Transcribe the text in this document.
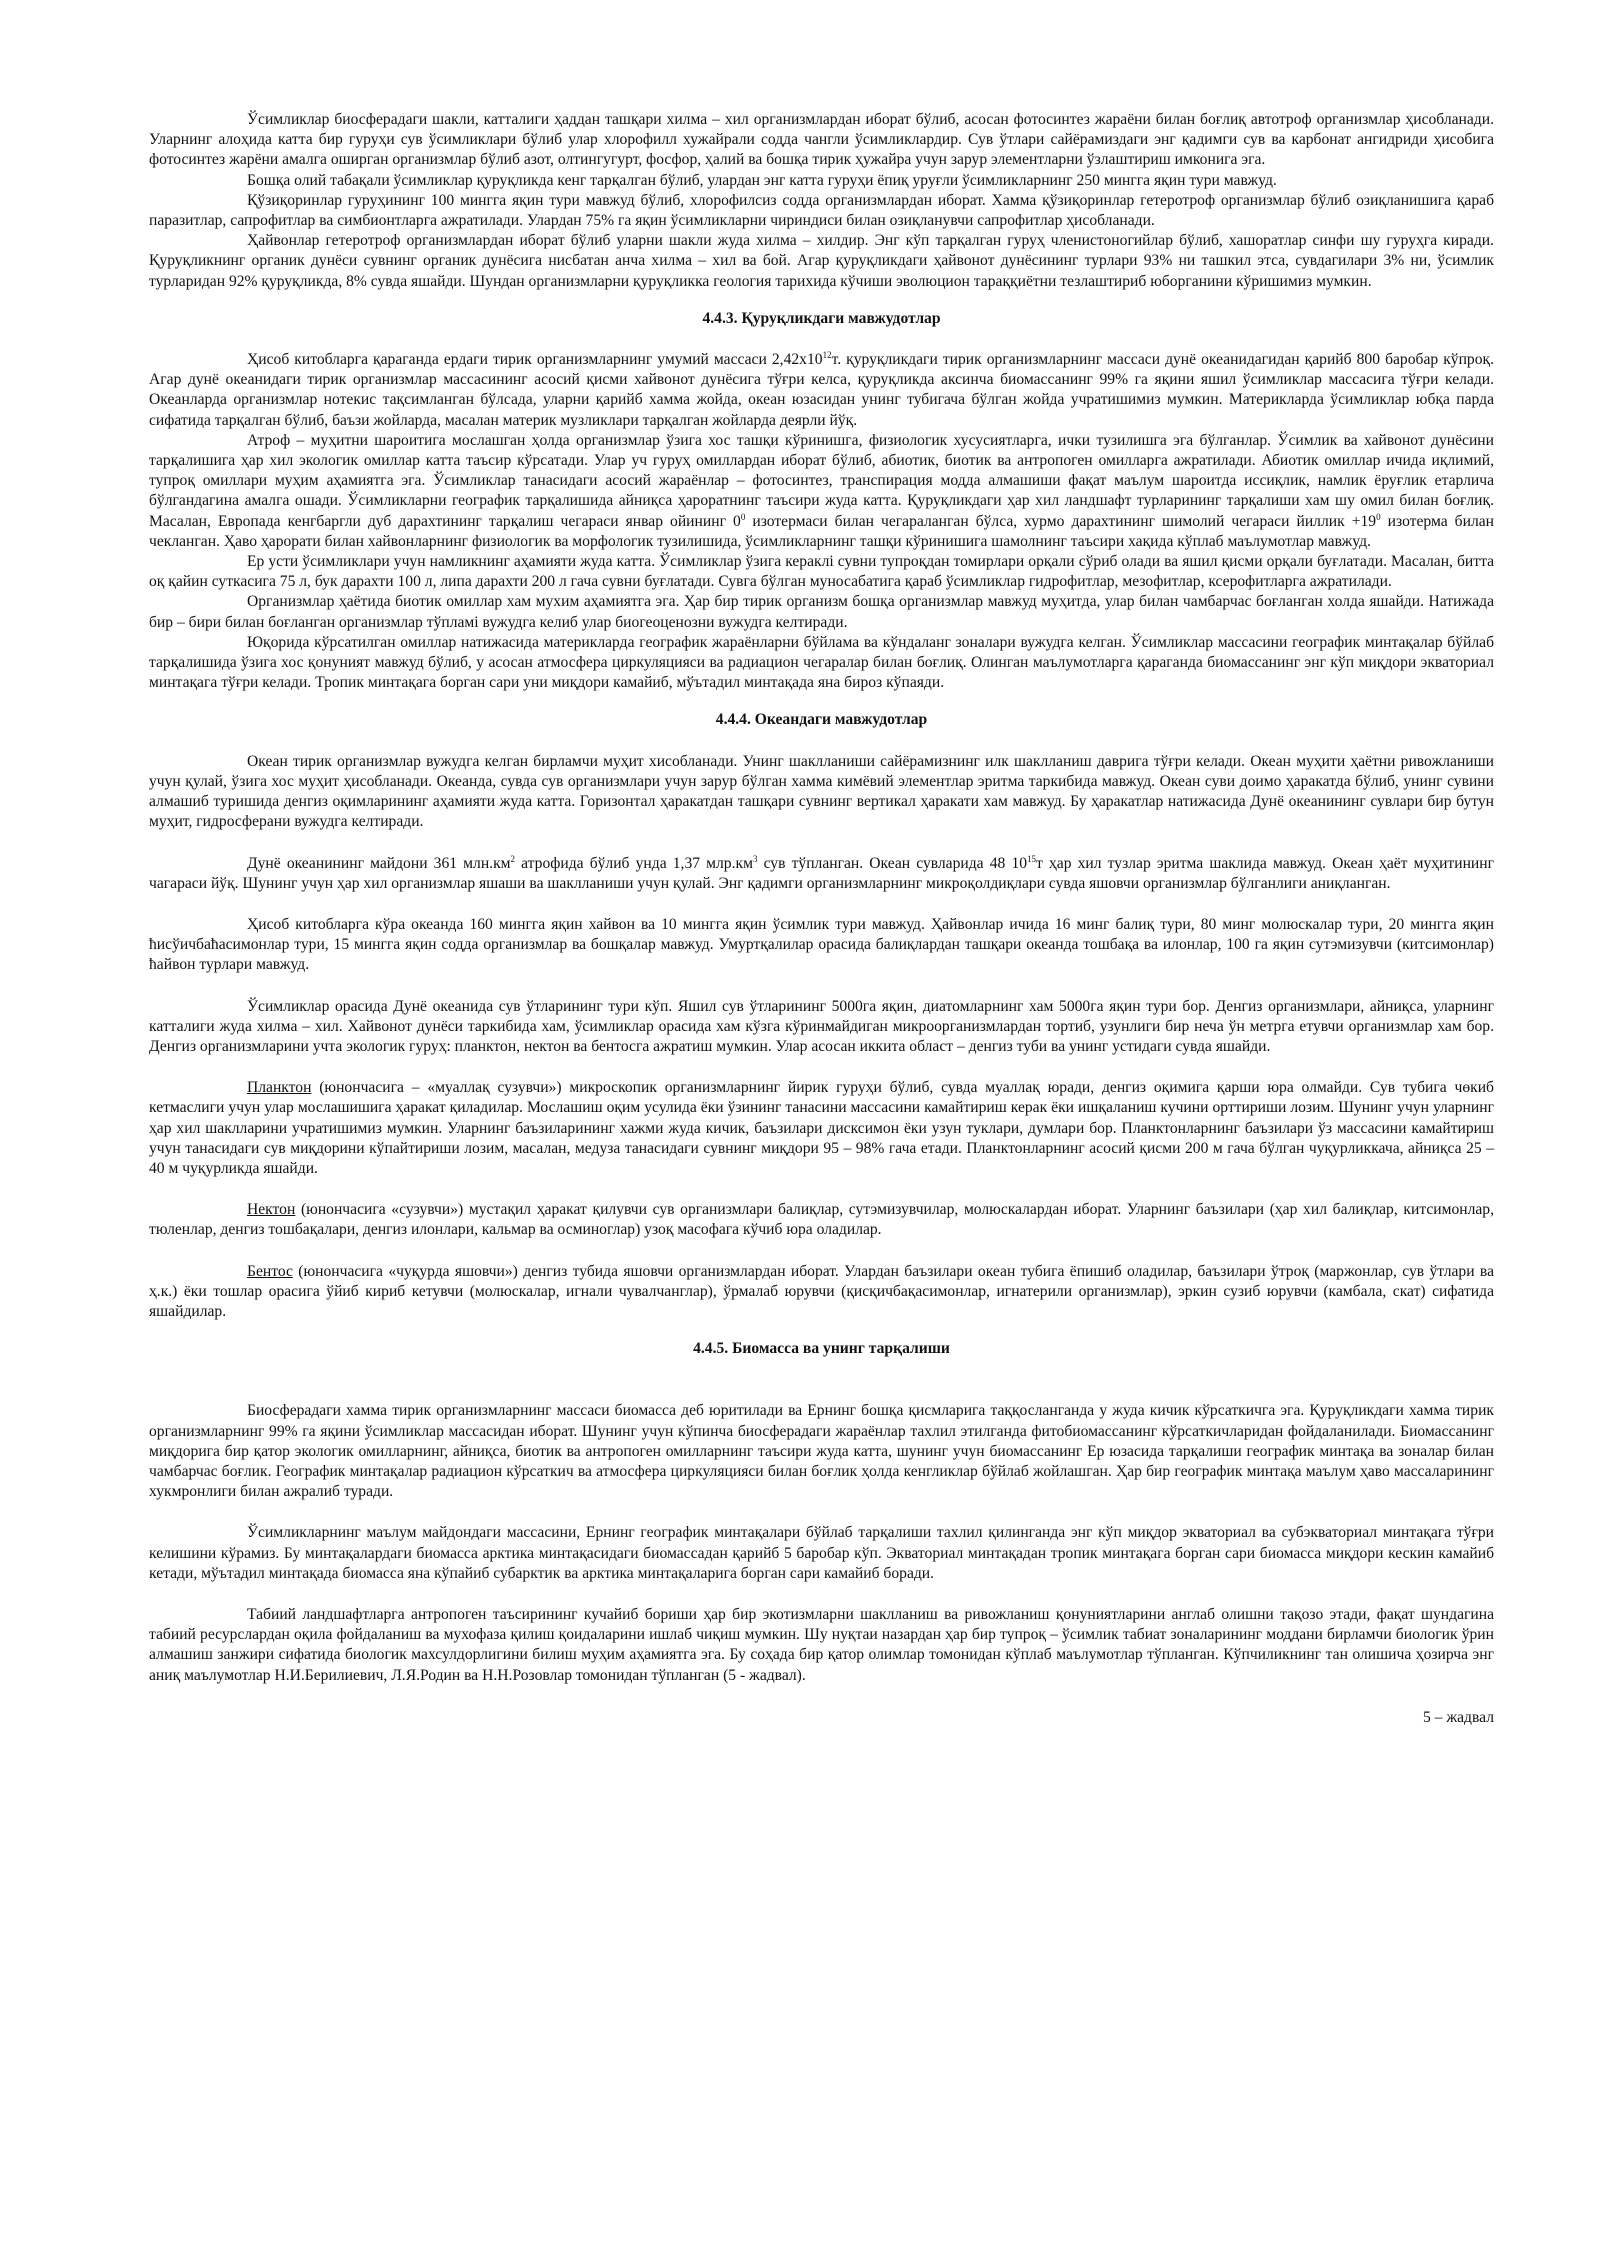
Ўсимликлар биосферадаги шакли, катталиги ҳаддан ташқари хилма – хил организмлардан иборат бўлиб, асосан фотосинтез жараёни билан боғлиқ автотроф организмлар ҳисобланади. Уларнинг алоҳида катта бир гуруҳи сув ўсимликлари бўлиб улар хлорофилл хужайрали содда чангли ўсимликлардир. Сув ўтлари сайёрамиздаги энг қадимги сув ва карбонат ангидриди ҳисобига фотосинтез жарёни амалга оширган организмлар бўлиб азот, олтингугурт, фосфор, ҳалий ва бошқа тирик ҳужайра учун зарур элементларни ўзлаштириш имконига эга.

Бошқа олий табақали ўсимликлар қуруқликда кенг тарқалган бўлиб, улардан энг катта гуруҳи ёпиқ уруғли ўсимликларнинг 250 мингга яқин тури мавжуд.

Қўзиқоринлар гуруҳининг 100 мингга яқин тури мавжуд бўлиб, хлорофилсиз содда организмлардан иборат. Хамма қўзиқоринлар гетеротроф организмлар бўлиб озиқланишига қараб паразитлар, сапрофитлар ва симбионтларга ажратилади. Улардан 75% га яқин ўсимликларни чириндиси билан озиқланувчи сапрофитлар ҳисобланади.

Ҳайвонлар гетеротроф организмлардан иборат бўлиб уларни шакли жуда хилма – хилдир. Энг кўп тарқалган гуруҳ членистоногийлар бўлиб, хашоратлар синфи шу гуруҳга киради. Қуруқликнинг органик дунёси сувнинг органик дунёсига нисбатан анча хилма – хил ва бой. Агар қуруқликдаги ҳайвонот дунёсининг турлари 93% ни ташкил этса, сувдагилари 3% ни, ўсимлик турларидан 92% қуруқликда, 8% сувда яшайди. Шундан организмларни қуруқликка геология тарихида кўчиши эволюцион тараққиётни тезлаштириб юборганини кўришимиз мумкин.

4.4.3. Қуруқликдаги мавжудотлар

Ҳисоб китобларга қараганда ердаги тирик организмларнинг умумий массаси $2,42х10^{12}т$. қуруқликдаги тирик организмларнинг массаси дунё океанидагидан қарийб 800 баробар кўпроқ. Агар дунё океанидаги тирик организмлар массасининг асосий қисми хайвонот дунёсига тўғри келса, қуруқликда аксинча биомассанинг 99% га яқини яшил ўсимликлар массасига тўғри келади. Океанларда организмлар нотекис тақсимланган бўлсада, уларни қарийб хамма жойда, океан юзасидан унинг тубигача бўлган жойда учратишимиз мумкин. Материкларда ўсимликлар юбқа парда сифатида тарқалган бўлиб, баъзи жойларда, масалан материк музликлари тарқалган жойларда деярли йўқ.

Атроф – муҳитни шароитига мослашган ҳолда организмлар ўзига хос ташқи кўринишга, физиологик хусусиятларга, ички тузилишга эга бўлганлар. Ўсимлик ва хайвонот дунёсини тарқалишига ҳар хил экологик омиллар катта таъсир кўрсатади. Улар уч гуруҳ омиллардан иборат бўлиб, абиотик, биотик ва антропоген омилларга ажратилади. Абиотик омиллар ичида иқлимий, тупроқ омиллари муҳим аҳамиятга эга. Ўсимликлар танасидаги асосий жараёнлар – фотосинтез, транспирация модда алмашиши фақат маълум шароитда иссиқлик, намлик ёруғлик етарлича бўлгандагина амалга ошади. Ўсимликларни географик тарқалишида айниқса ҳароратнинг таъсири жуда катта. Қуруқликдаги ҳар хил ландшафт турларининг тарқалиши хам шу омил билан боғлиқ. Масалан, Европада кенгбаргли дуб дарахтининг тарқалиш чегараси январ ойининг $0^0$ изотермаси билан чегараланган бўлса, хурмо дарахтининг шимолий чегараси йиллик $+19^0$ изотерма билан чекланган. Ҳаво ҳарорати билан хайвонларнинг физиологик ва морфологик тузилишида, ўсимликларнинг ташқи кўринишига шамолнинг таъсири хақида кўплаб маълумотлар мавжуд.

Ер усти ўсимликлари учун намликнинг аҳамияти жуда катта. Ўсимликлар ўзига кераклi сувни тупроқдан томирлари орқали сўриб олади ва яшил қисми орқали буғлатади. Масалан, битта оқ қайин суткасига 75 л, бук дарахти 100 л, липа дарахти 200 л гача сувни буғлатади. Сувга бўлган муносабатига қараб ўсимликлар гидрофитлар, мезофитлар, ксерофитларга ажратилади.

Организмлар ҳаётида биотик омиллар хам мухим аҳамиятга эга. Ҳар бир тирик организм бошқа организмлар мавжуд муҳитда, улар билан чамбарчас боғланган холда яшайди. Натижада бир – бири билан боғланган организмлар тўпламi вужудга келиб улар биогеоценозни вужудга келтиради.

Юқорида кўрсатилган омиллар натижасида материкларда географик жараёнларни бўйлама ва кўндаланг зоналари вужудга келган. Ўсимликлар массасини географик минтақалар бўйлаб тарқалишида ўзига хос қонуният мавжуд бўлиб, у асосан атмосфера циркуляцияси ва радиацион чегаралар билан боғлиқ. Олинган маълумотларга қараганда биомассанинг энг кўп миқдори экваториал минтақага тўғри келади. Тропик минтақага борган сари уни миқдори камайиб, мўътадил минтақада яна бироз кўпаяди.

4.4.4. Океандаги мавжудотлар

Океан тирик организмлар вужудга келган бирламчи муҳит хисобланади. Унинг шаклланиши сайёрамизнинг илк шаклланиш даврига тўғри келади. Океан муҳити ҳаётни ривожланиши учун қулай, ўзига хос муҳит ҳисобланади. Океанда, сувда сув организмлари учун зарур бўлган хамма кимёвий элементлар эритма таркибида мавжуд. Океан суви доимо ҳаракатда бўлиб, унинг сувини алмашиб туришида денгиз оқимларининг аҳамияти жуда катта. Горизонтал ҳаракатдан ташқари сувнинг вертикал ҳаракати хам мавжуд. Бу ҳаракатлар натижасида Дунё океанининг сувлари бир бутун муҳит, гидросферани вужудга келтиради.

Дунё океанининг майдони 361 $млн.км^2$ атрофида бўлиб унда 1,37 $млр.км^3$ сув тўпланган. Океан сувларида 48 $10^{15}т$ ҳар хил тузлар эритма шаклида мавжуд. Океан ҳаёт муҳитининг чагараси йўқ. Шунинг учун ҳар хил организмлар яшаши ва шаклланиши учун қулай. Энг қадимги организмларнинг микроқолдиқлари сувда яшовчи организмлар бўлганлиги аниқланган.

Ҳисоб китобларга кўра океанда 160 мингга яқин хайвон ва 10 мингга яқин ўсимлик тури мавжуд. Ҳайвонлар ичида 16 минг балиқ тури, 80 минг молюскалар тури, 20 мингга яқин ћисўичбаћасимонлар тури, 15 мингга яқин содда организмлар ва бошқалар мавжуд. Умуртқалилар орасида балиқлардан ташқари океанда тошбақа ва илонлар, 100 га яқин сутэмизувчи (китсимонлар) ћайвон турлари мавжуд.

Ўсимликлар орасида Дунё океанида сув ўтларининг тури кўп. Яшил сув ўтларининг 5000га яқин, диатомларнинг хам 5000га яқин тури бор. Денгиз организмлари, айниқса, уларнинг катталиги жуда хилма – хил. Хайвонот дунёси таркибида хам, ўсимликлар орасида хам кўзга кўринмайдиган микроорганизмлардан тортиб, узунлиги бир неча ўн метрга етувчи организмлар хам бор. Денгиз организмларини учта экологик гуруҳ: планктон, нектон ва бентосга ажратиш мумкин. Улар асосан иккита област – денгиз туби ва унинг устидаги сувда яшайди.

Планктон (юнончасига – «муаллақ сузувчи») микроскопик организмларнинг йирик гуруҳи бўлиб, сувда муаллақ юради, денгиз оқимига қарши юра олмайди. Сув тубига чөкиб кетмаслиги учун улар мослашишига ҳаракат қиладилар. Мослашиш оқим усулида ёки ўзининг танасини массасини камайтириш керак ёки ишқаланиш кучини орттириши лозим. Шунинг учун уларнинг ҳар хил шаклларини учратишимиз мумкин. Уларнинг баъзиларининг хажми жуда кичик, баъзилари дисксимон ёки узун туклари, думлари бор. Планктонларнинг баъзилари ўз массасини камайтириш учун танасидаги сув миқдорини кўпайтириши лозим, масалан, медуза танасидаги сувнинг миқдори 95 – 98% гача етади. Планктонларнинг асосий қисми 200 м гача бўлган чуқурликкача, айниқса 25 – 40 м чуқурликда яшайди.

Нектон (юнончасига «сузувчи») мустақил ҳаракат қилувчи сув организмлари балиқлар, сутэмизувчилар, молюскалардан иборат. Уларнинг баъзилари (ҳар хил балиқлар, китсимонлар, тюленлар, денгиз тошбақалари, денгиз илонлари, кальмар ва осминоглар) узоқ масофага кўчиб юра оладилар.

Бентос (юнончасига «чуқурда яшовчи») денгиз тубида яшовчи организмлардан иборат. Улардан баъзилари океан тубига ёпишиб оладилар, баъзилари ўтроқ (маржонлар, сув ўтлари ва ҳ.к.) ёки тошлар орасига ўйиб кириб кетувчи (молюскалар, игнали чувалчанглар), ўрмалаб юрувчи (қисқичбақасимонлар, игнатерили организмлар), эркин сузиб юрувчи (камбала, скат) сифатида яшайдилар.

4.4.5. Биомасса ва унинг тарқалиши

Биосферадаги хамма тирик организмларнинг массаси биомасса деб юритилади ва Ернинг бошқа қисмларига таққосланганда у жуда кичик кўрсаткичга эга. Қуруқликдаги хамма тирик организмларнинг 99% га яқини ўсимликлар массасидан иборат. Шунинг учун кўпинча биосферадаги жараёнлар тахлил этилганда фитобиомассанинг кўрсаткичларидан фойдаланилади. Биомассанинг миқдорига бир қатор экологик омилларнинг, айниқса, биотик ва антропоген омилларнинг таъсири жуда катта, шунинг учун биомассанинг Ер юзасида тарқалиши географик минтақа ва зоналар билан чамбарчас боғлик. Географик минтақалар радиацион кўрсаткич ва атмосфера циркуляцияси билан боғлик ҳолда кенгликлар бўйлаб жойлашган. Ҳар бир географик минтақа маълум ҳаво массаларининг хукмронлиги билан ажралиб туради.

Ўсимликларнинг маълум майдондаги массасини, Ернинг географик минтақалари бўйлаб тарқалиши тахлил қилинганда энг кўп миқдор экваториал ва субэкваториал минтақага тўғри келишини кўрамиз. Бу минтақалардаги биомасса арктика минтақасидаги биомассадан қарийб 5 баробар кўп. Экваториал минтақадан тропик минтақага борган сари биомасса миқдори кескин камайиб кетади, мўътадил минтақада биомасса яна кўпайиб субарктик ва арктика минтақаларига борган сари камайиб боради.

Табиий ландшафтларга антропоген таъсирининг кучайиб бориши ҳар бир экотизмларни шаклланиш ва ривожланиш қонуниятларини англаб олишни тақозо этади, фақат шундагина табиий ресурслардан оқила фойдаланиш ва мухофаза қилиш қоидаларини ишлаб чиқиш мумкин. Шу нуқтаи назардан ҳар бир тупроқ – ўсимлик табиат зоналарининг моддани бирламчи биологик ўрин алмашиш занжири сифатида биологик махсулдорлигини билиш муҳим аҳамиятга эга. Бу соҳада бир қатор олимлар томонидан кўплаб маълумотлар тўпланган. Кўпчиликнинг тан олишича ҳозирча энг аниқ маълумотлар Н.И.Берилиевич, Л.Я.Родин ва Н.Н.Розовлар томонидан тўпланган (5 - жадвал).

5 – жадвал
